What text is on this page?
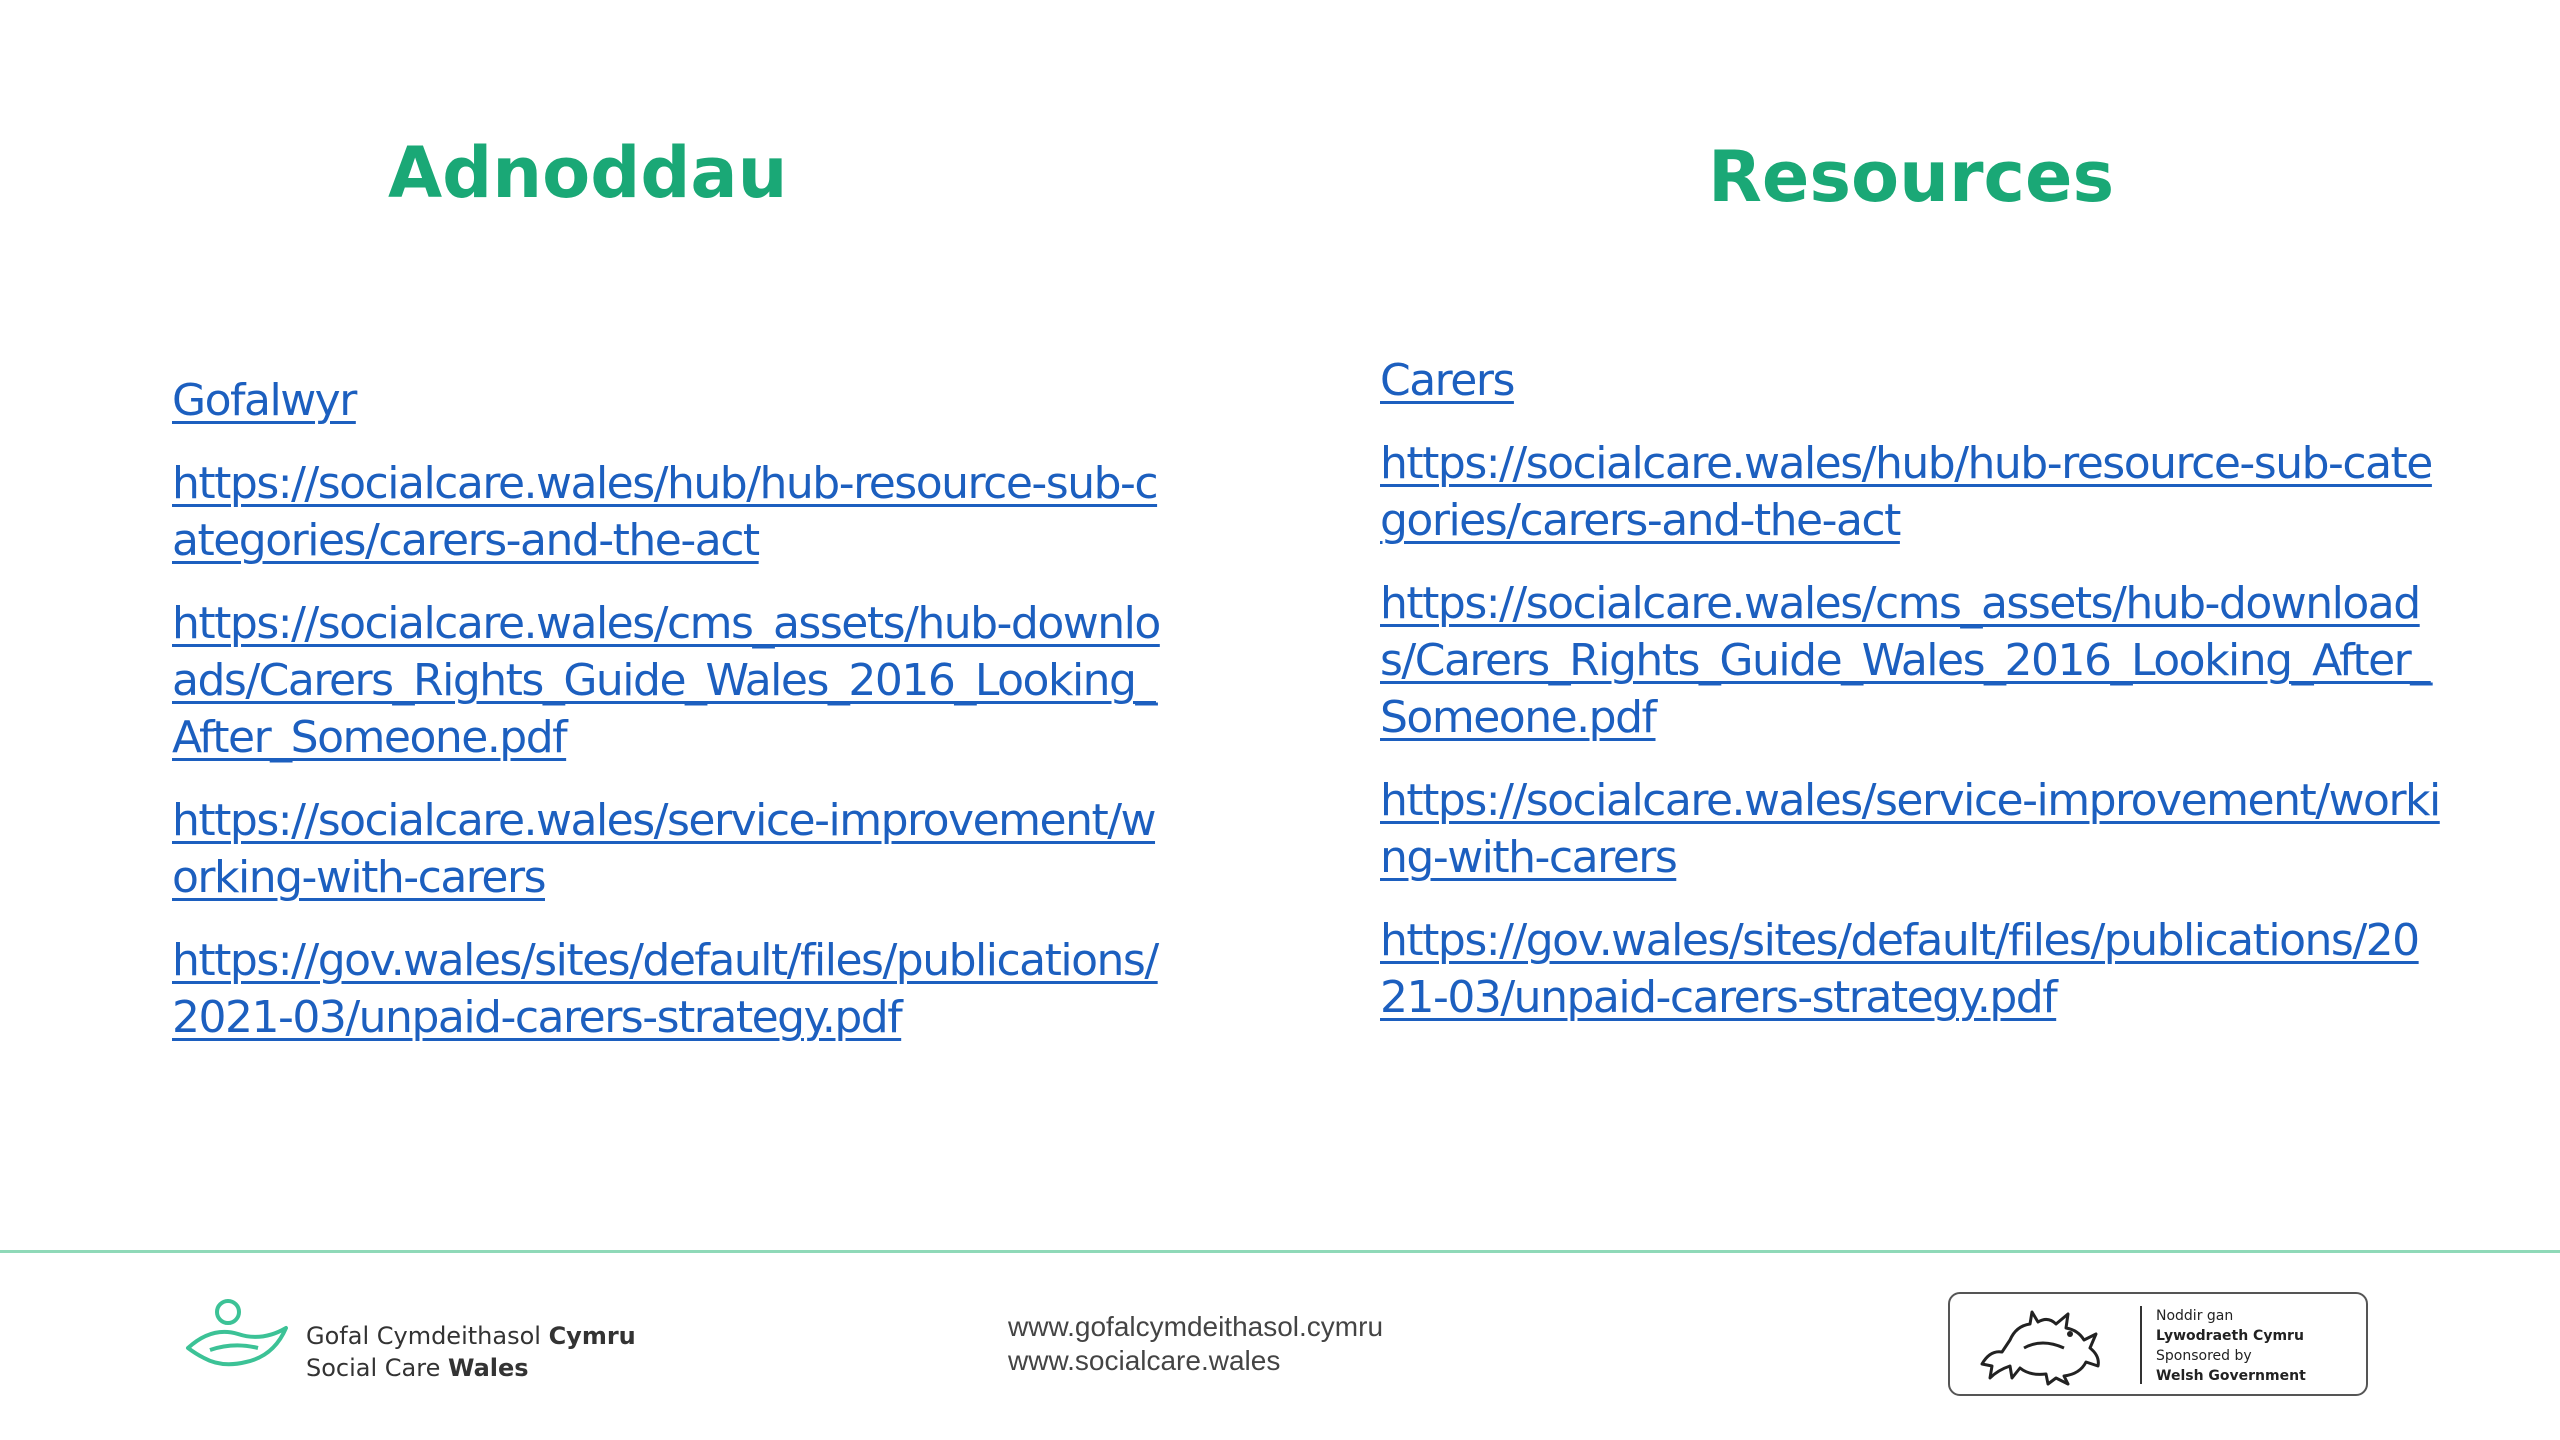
Adnoddau	Resources
Gofalwyr
https://socialcare.wales/hub/hub-resource-sub-categories/carers-and-the-act
https://socialcare.wales/cms_assets/hub-downloads/Carers_Rights_Guide_Wales_2016_Looking_After_Someone.pdf
https://socialcare.wales/service-improvement/working-with-carers
https://gov.wales/sites/default/files/publications/2021-03/unpaid-carers-strategy.pdf
Carers
https://socialcare.wales/hub/hub-resource-sub-categories/carers-and-the-act
https://socialcare.wales/cms_assets/hub-downloads/Carers_Rights_Guide_Wales_2016_Looking_After_Someone.pdf
https://socialcare.wales/service-improvement/working-with-carers
https://gov.wales/sites/default/files/publications/2021-03/unpaid-carers-strategy.pdf
Gofal Cymdeithasol Cymru
Social Care Wales
www.gofalcymdeithasol.cymru
www.socialcare.wales
Noddir gan
Lywodraeth Cymru
Sponsored by
Welsh Government
